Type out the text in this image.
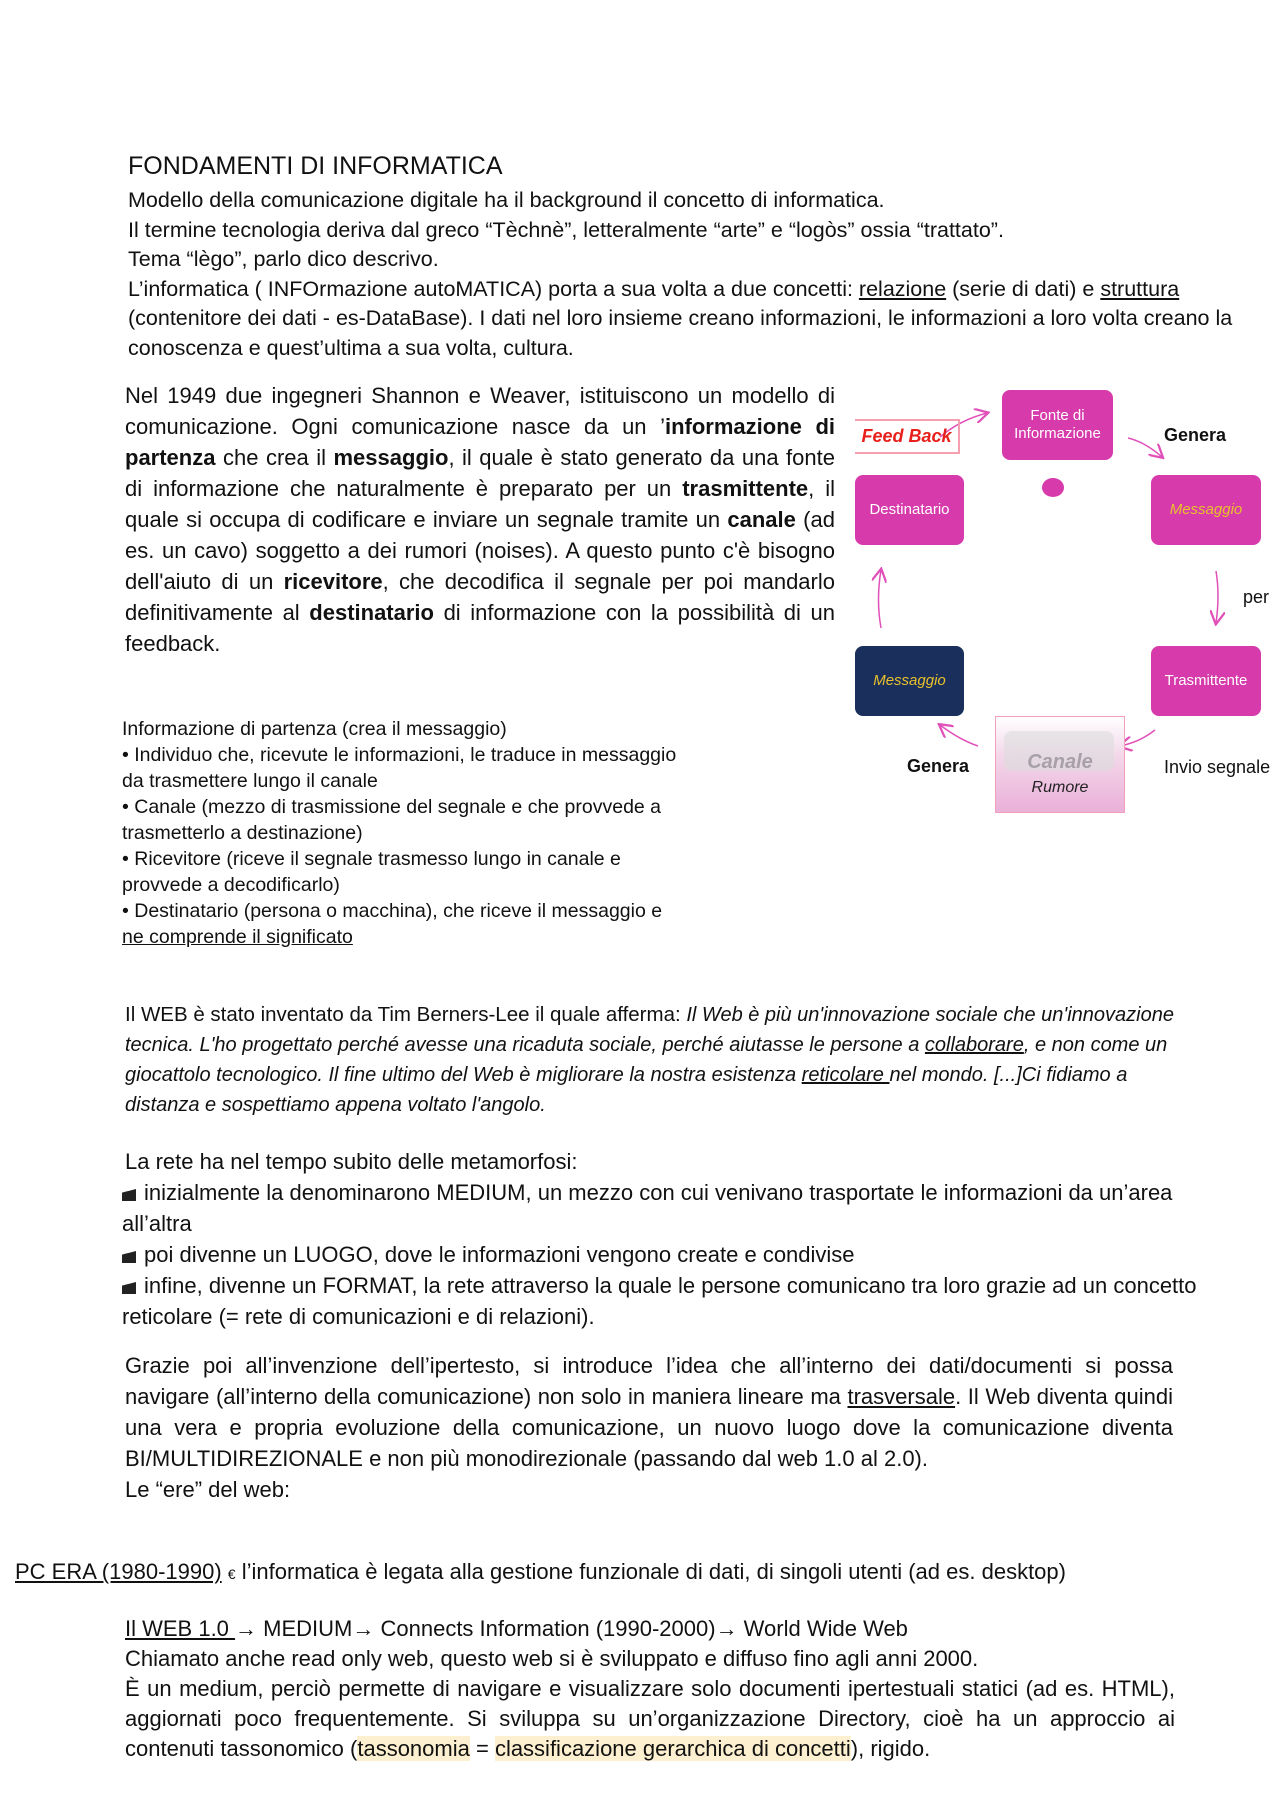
FONDAMENTI DI INFORMATICA
Modello della comunicazione digitale ha il background il concetto di informatica.
Il termine tecnologia deriva dal greco “Tèchnè”, letteralmente “arte” e “logòs” ossia “trattato”.
Tema “lègo”, parlo dico descrivo.
L’informatica ( INFOrmazione autoMATICA) porta a sua volta a due concetti: relazione (serie di dati) e struttura (contenitore dei dati - es-DataBase). I dati nel loro insieme creano informazioni, le informazioni a loro volta creano la conoscenza e quest’ultima a sua volta, cultura.
Nel 1949 due ingegneri Shannon e Weaver, istituiscono un modello di comunicazione. Ogni comunicazione nasce da un ’informazione di partenza che crea il messaggio, il quale è stato generato da una fonte di informazione che naturalmente è preparato per un trasmittente, il quale si occupa di codificare e inviare un segnale tramite un canale (ad es. un cavo) soggetto a dei rumori (noises). A questo punto c'è bisogno dell'aiuto di un ricevitore, che decodifica il segnale per poi mandarlo definitivamente al destinatario di informazione con la possibilità di un feedback.
Informazione di partenza (crea il messaggio)
• Individuo che, ricevute le informazioni, le traduce in messaggio da trasmettere lungo il canale
• Canale (mezzo di trasmissione del segnale e che provvede a trasmetterlo a destinazione)
• Ricevitore (riceve il segnale trasmesso lungo in canale e provvede a decodificarlo)
• Destinatario (persona o macchina), che riceve il messaggio e ne comprende il significato
Fonte di Informazione
Destinatario	Messaggio
Trasmittente
Messaggio
Canale
Rumore
Feed Back	Genera
per
Genera	Invio segnale
Il WEB è stato inventato da Tim Berners-Lee il quale afferma: Il Web è più un'innovazione sociale che un'innovazione tecnica. L'ho progettato perché avesse una ricaduta sociale, perché aiutasse le persone a collaborare, e non come un giocattolo tecnologico. Il fine ultimo del Web è migliorare la nostra esistenza reticolare nel mondo. [...]Ci fidiamo a distanza e sospettiamo appena voltato l'angolo.
La rete ha nel tempo subito delle metamorfosi:
inizialmente la denominarono MEDIUM, un mezzo con cui venivano trasportate le informazioni da un’area all’altra
poi divenne un LUOGO, dove le informazioni vengono create e condivise
infine, divenne un FORMAT, la rete attraverso la quale le persone comunicano tra loro grazie ad un concetto reticolare (= rete di comunicazioni e di relazioni).
Grazie poi all’invenzione dell’ipertesto, si introduce l’idea che all’interno dei dati/documenti si possa navigare (all’interno della comunicazione) non solo in maniera lineare ma trasversale. Il Web diventa quindi una vera e propria evoluzione della comunicazione, un nuovo luogo dove la comunicazione diventa BI/MULTIDIREZIONALE e non più monodirezionale (passando dal web 1.0 al 2.0).
Le “ere” del web:
PC ERA (1980-1990) € l’informatica è legata alla gestione funzionale di dati, di singoli utenti (ad es. desktop)
Il WEB 1.0 → MEDIUM→ Connects Information (1990-2000)→ World Wide Web
Chiamato anche read only web, questo web si è sviluppato e diffuso fino agli anni 2000.
È un medium, perciò permette di navigare e visualizzare solo documenti ipertestuali statici (ad es. HTML), aggiornati poco frequentemente. Si sviluppa su un’organizzazione Directory, cioè ha un approccio ai contenuti tassonomico (tassonomia = classificazione gerarchica di concetti), rigido.
